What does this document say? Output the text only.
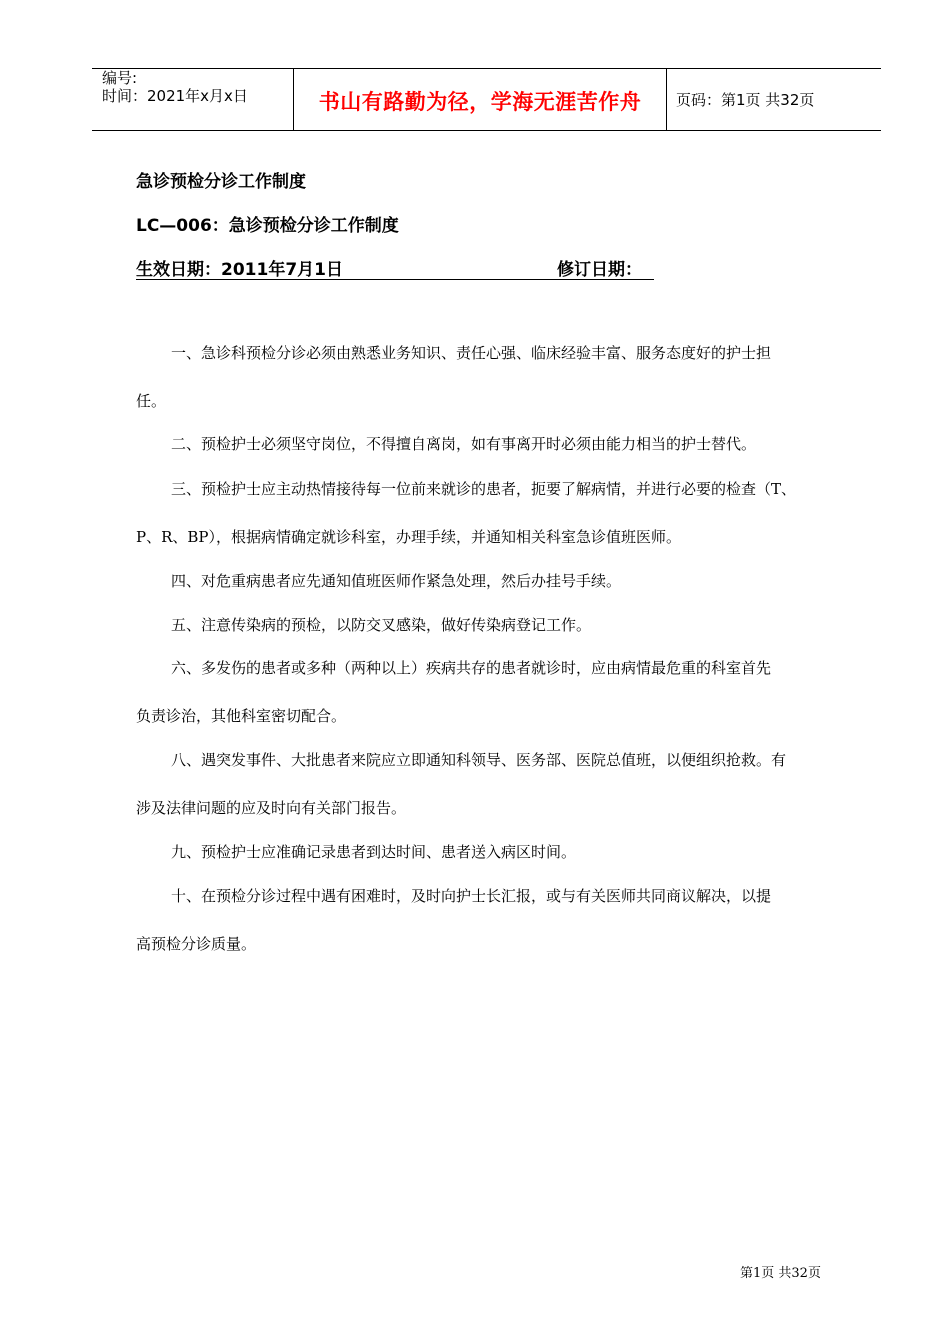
编号:
时间：2021年x月x日	书山有路勤为径，学海无涯苦作舟	页码：第1页 共32页
急诊预检分诊工作制度
LC—006：急诊预检分诊工作制度
生效日期：2011年7月1日	修订日期：
一、急诊科预检分诊必须由熟悉业务知识、责任心强、临床经验丰富、服务态度好的护士担
任。
二、预检护士必须坚守岗位，不得擅自离岗，如有事离开时必须由能力相当的护士替代。
三、预检护士应主动热情接待每一位前来就诊的患者，扼要了解病情，并进行必要的检查（T、
P、R、BP），根据病情确定就诊科室，办理手续，并通知相关科室急诊值班医师。
四、对危重病患者应先通知值班医师作紧急处理，然后办挂号手续。
五、注意传染病的预检，以防交叉感染，做好传染病登记工作。
六、多发伤的患者或多种（两种以上）疾病共存的患者就诊时，应由病情最危重的科室首先
负责诊治，其他科室密切配合。
八、遇突发事件、大批患者来院应立即通知科领导、医务部、医院总值班，以便组织抢救。有
涉及法律问题的应及时向有关部门报告。
九、预检护士应准确记录患者到达时间、患者送入病区时间。
十、在预检分诊过程中遇有困难时，及时向护士长汇报，或与有关医师共同商议解决，以提
高预检分诊质量。
第1页 共32页
